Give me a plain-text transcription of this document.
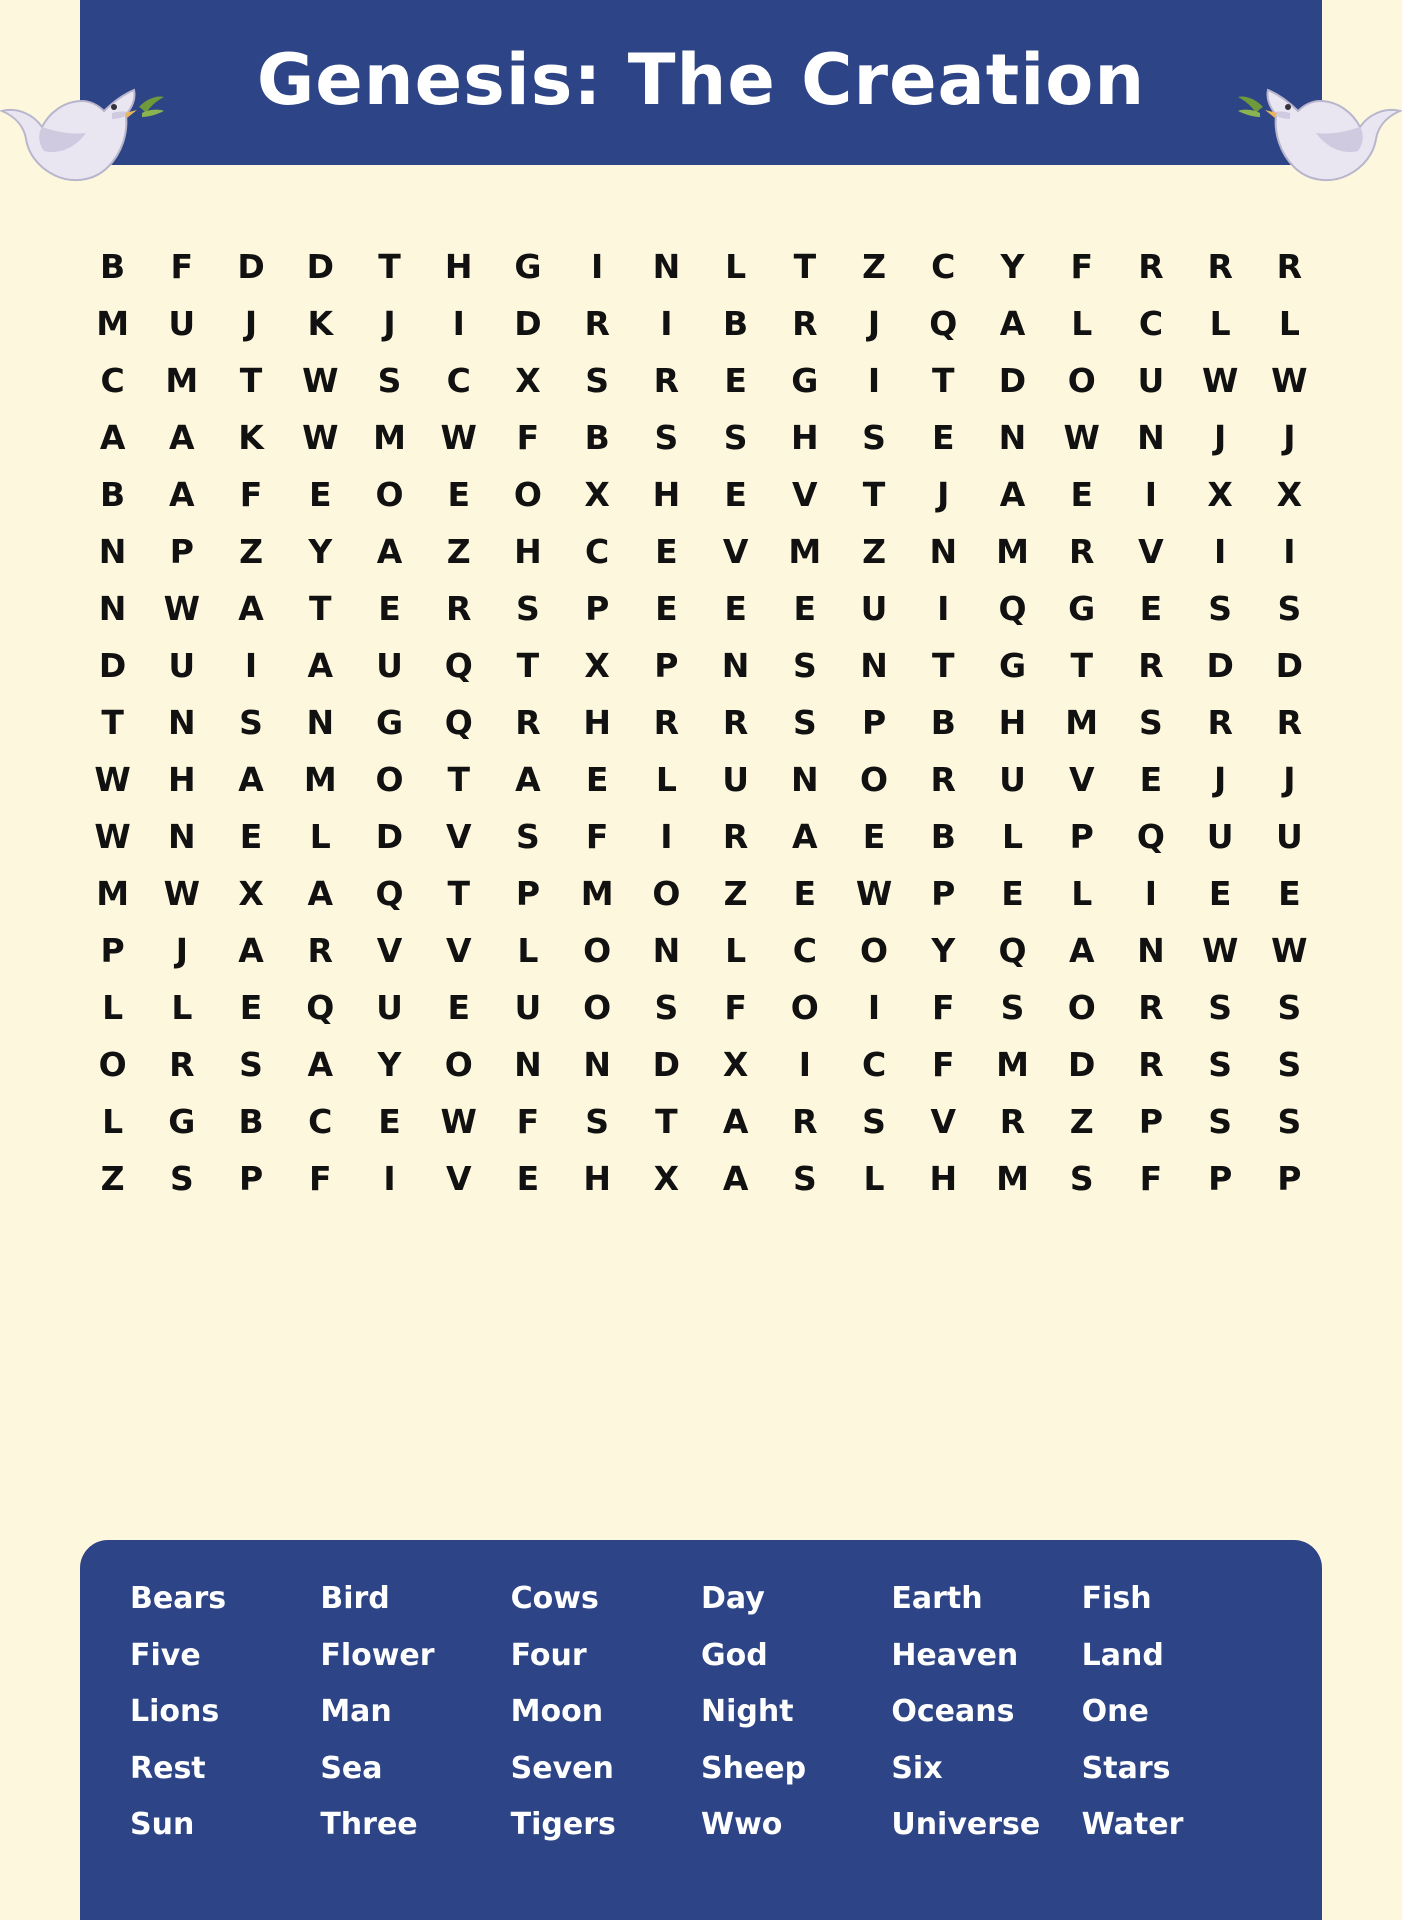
Genesis: The Creation
B F D D T H G I N L T Z C Y F R R R
M U J K J I D R I B R J Q A L C L L
C M T W S C X S R E G I T D O U W W
A A K W M W F B S S H S E N W N J J
B A F E O E O X H E V T J A E I X X
N P Z Y A Z H C E V M Z N M R V I I
N W A T E R S P E E E U I Q G E S S
D U I A U Q T X P N S N T G T R D D
T N S N G Q R H R R S P B H M S R R
W H A M O T A E L U N O R U V E J J
W N E L D V S F I R A E B L P Q U U
M W X A Q T P M O Z E W P E L I E E
P J A R V V L O N L C O Y Q A N W W
L L E Q U E U O S F O I F S O R S S
O R S A Y O N N D X I C F M D R S S
L G B C E W F S T A R S V R Z P S S
Z S P F I V E H X A S L H M S F P P
Bears	Bird	Cows	Day	Earth	Fish
Five	Flower	Four	God	Heaven	Land
Lions	Man	Moon	Night	Oceans	One
Rest	Sea	Seven	Sheep	Six	Stars
Sun	Three	Tigers	Wwo	Universe	Water
